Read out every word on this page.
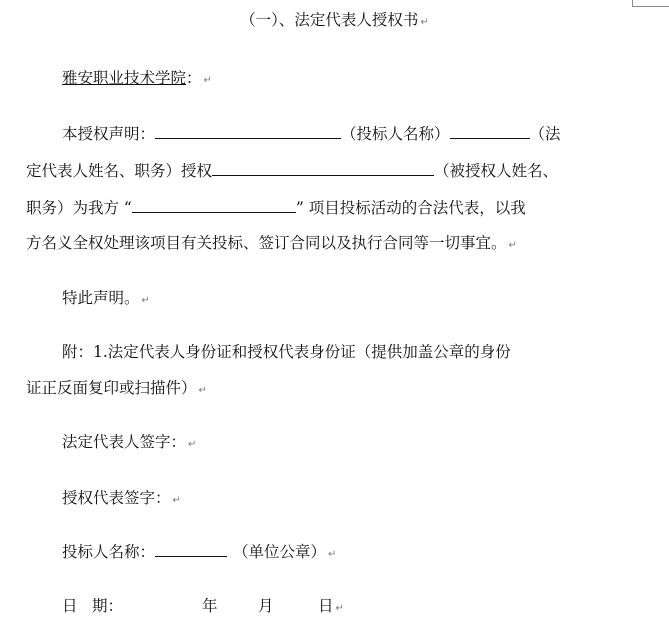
（一）、法定代表人授权书 ↵
雅安职业技术学院： ↵
本授权声明：	（投标人名称）	（法
定代表人姓名、职务）授权	（被授权人姓名、
职务）为我方 “	” 项目投标活动的合法代表，以我
方名义全权处理该项目有关投标、签订合同以及执行合同等一切事宜。 ↵
特此声明。 ↵
附：1.法定代表人身份证和授权代表身份证（提供加盖公章的身份
证正反面复印或扫描件） ↵
法定代表人签字： ↵
授权代表签字： ↵
投标人名称：	（单位公章） ↵
日 期：	年	月	日 ↵
